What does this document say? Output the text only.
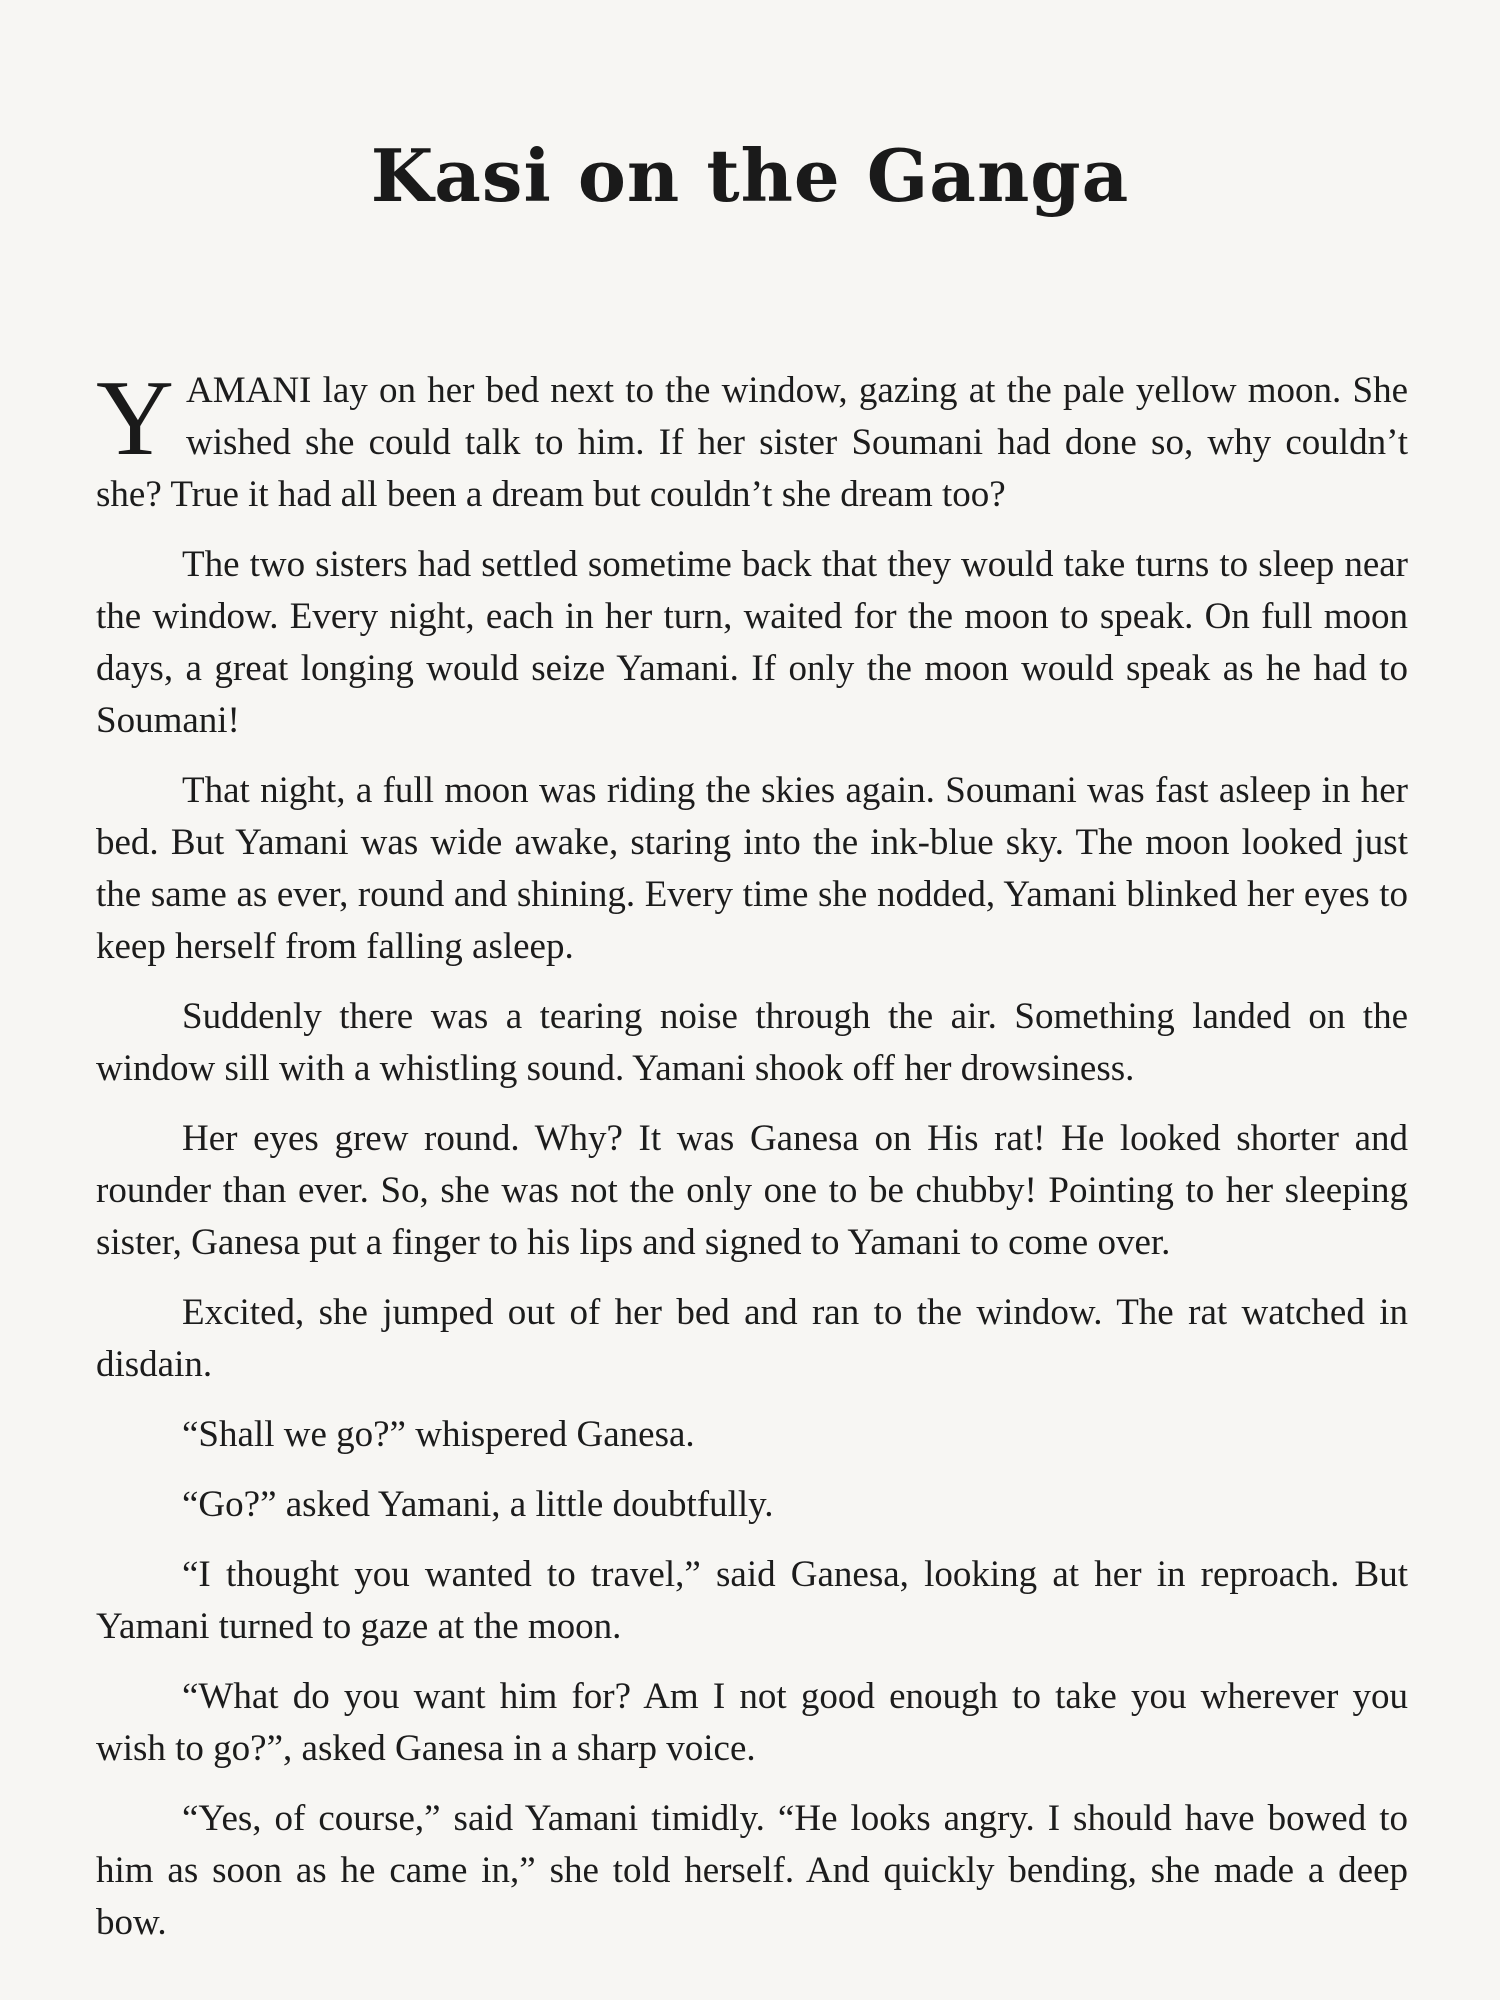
Kasi on the Ganga

YAMANI lay on her bed next to the window, gazing at the pale yellow moon. She wished she could talk to him. If her sister Soumani had done so, why couldn’t she? True it had all been a dream but couldn’t she dream too?

The two sisters had settled sometime back that they would take turns to sleep near the window. Every night, each in her turn, waited for the moon to speak. On full moon days, a great longing would seize Yamani. If only the moon would speak as he had to Soumani!

That night, a full moon was riding the skies again. Soumani was fast asleep in her bed. But Yamani was wide awake, staring into the ink-blue sky. The moon looked just the same as ever, round and shining. Every time she nodded, Yamani blinked her eyes to keep herself from falling asleep.

Suddenly there was a tearing noise through the air. Something landed on the window sill with a whistling sound. Yamani shook off her drowsiness.

Her eyes grew round. Why? It was Ganesa on His rat! He looked shorter and rounder than ever. So, she was not the only one to be chubby! Pointing to her sleeping sister, Ganesa put a finger to his lips and signed to Yamani to come over.

Excited, she jumped out of her bed and ran to the window. The rat watched in disdain.

“Shall we go?” whispered Ganesa.

“Go?” asked Yamani, a little doubtfully.

“I thought you wanted to travel,” said Ganesa, looking at her in reproach. But Yamani turned to gaze at the moon.

“What do you want him for? Am I not good enough to take you wherever you wish to go?”, asked Ganesa in a sharp voice.

“Yes, of course,” said Yamani timidly. “He looks angry. I should have bowed to him as soon as he came in,” she told herself. And quickly bending, she made a deep bow.
